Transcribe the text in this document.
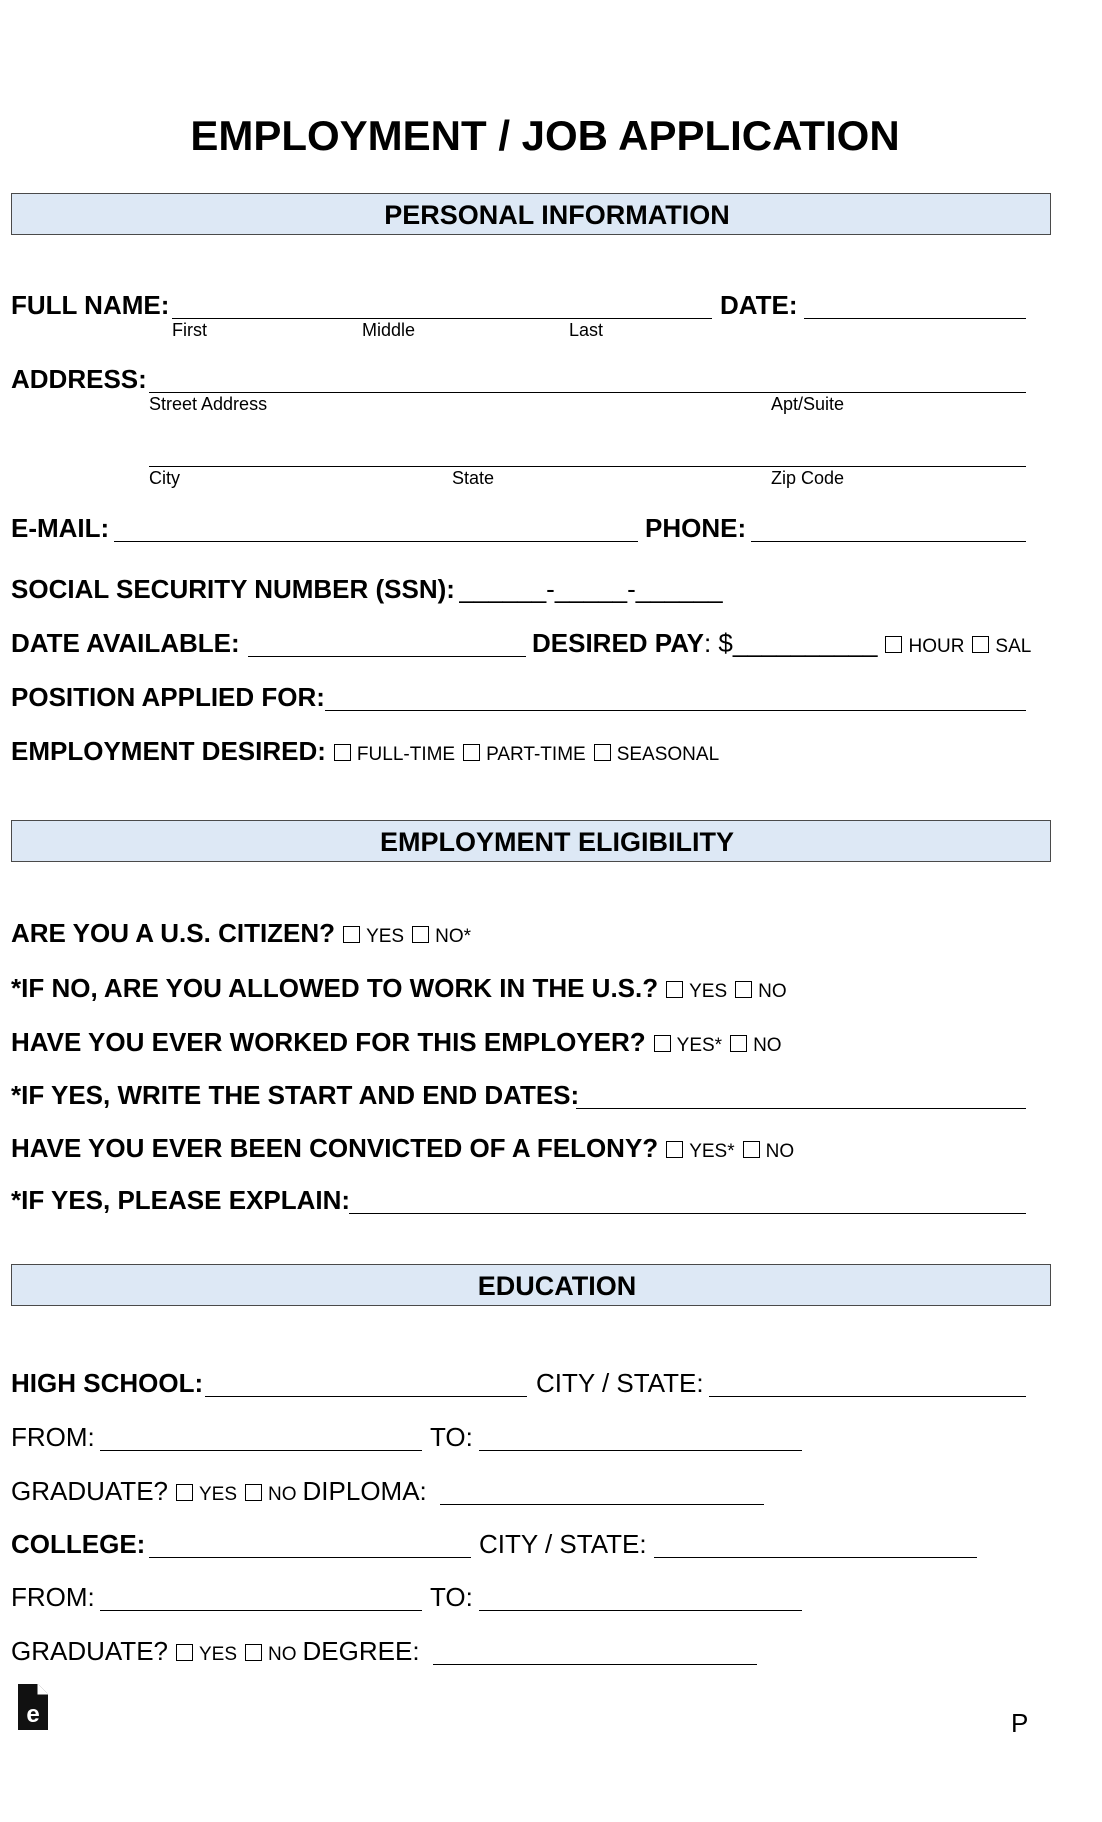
EMPLOYMENT / JOB APPLICATION
PERSONAL INFORMATION
FULL NAME:	DATE:
First	Middle	Last
ADDRESS:
Street Address	Apt/Suite
City	State	Zip Code
E-MAIL:	PHONE:
SOCIAL SECURITY NUMBER (SSN): ______-_____-______
DATE AVAILABLE:	DESIRED PAY: $__________ HOUR SAL
POSITION APPLIED FOR:
EMPLOYMENT DESIRED: FULL-TIME PART-TIME SEASONAL
EMPLOYMENT ELIGIBILITY
ARE YOU A U.S. CITIZEN? YES NO*
*IF NO, ARE YOU ALLOWED TO WORK IN THE U.S.? YES NO
HAVE YOU EVER WORKED FOR THIS EMPLOYER? YES* NO
*IF YES, WRITE THE START AND END DATES:
HAVE YOU EVER BEEN CONVICTED OF A FELONY? YES* NO
*IF YES, PLEASE EXPLAIN:
EDUCATION
HIGH SCHOOL:	CITY / STATE:
FROM:	TO:
GRADUATE? YES NO DIPLOMA:
COLLEGE:	CITY / STATE:
FROM:	TO:
GRADUATE? YES NO DEGREE:
e	P
